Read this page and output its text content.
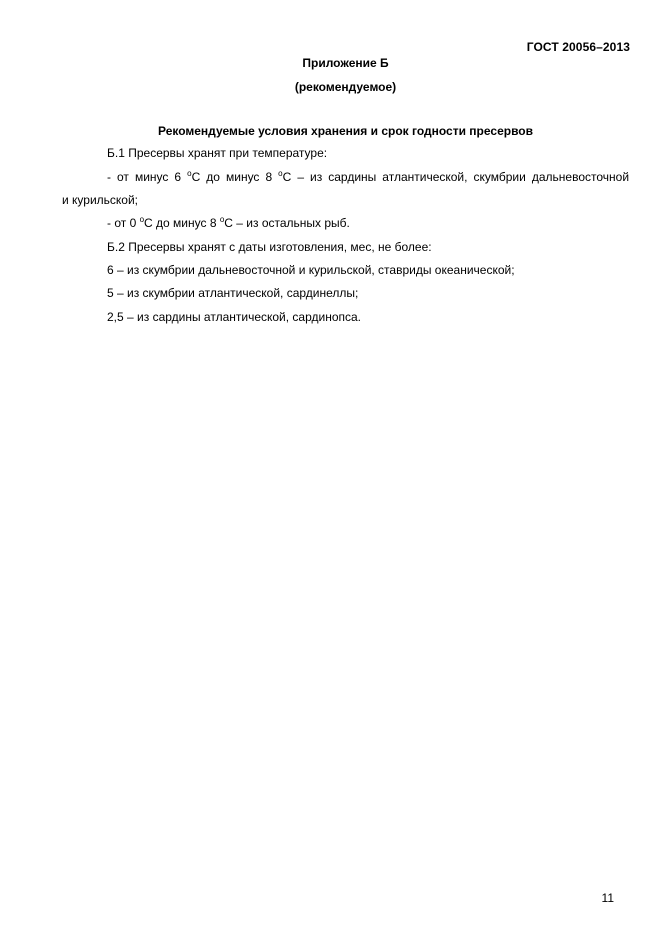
ГОСТ 20056–2013
Приложение Б
(рекомендуемое)
Рекомендуемые условия хранения и срок годности пресервов
Б.1 Пресервы хранят при температуре:
- от минус 6 $^о$С до минус 8 $^о$С – из сардины атлантической, скумбрии дальневосточной
и курильской;
- от 0 $^о$С до минус 8 $^о$С – из остальных рыб.
Б.2 Пресервы хранят с даты изготовления, мес, не более:
6 – из скумбрии дальневосточной и курильской, ставриды океанической;
5 – из скумбрии атлантической, сардинеллы;
2,5 – из сардины атлантической, сардинопса.
11
